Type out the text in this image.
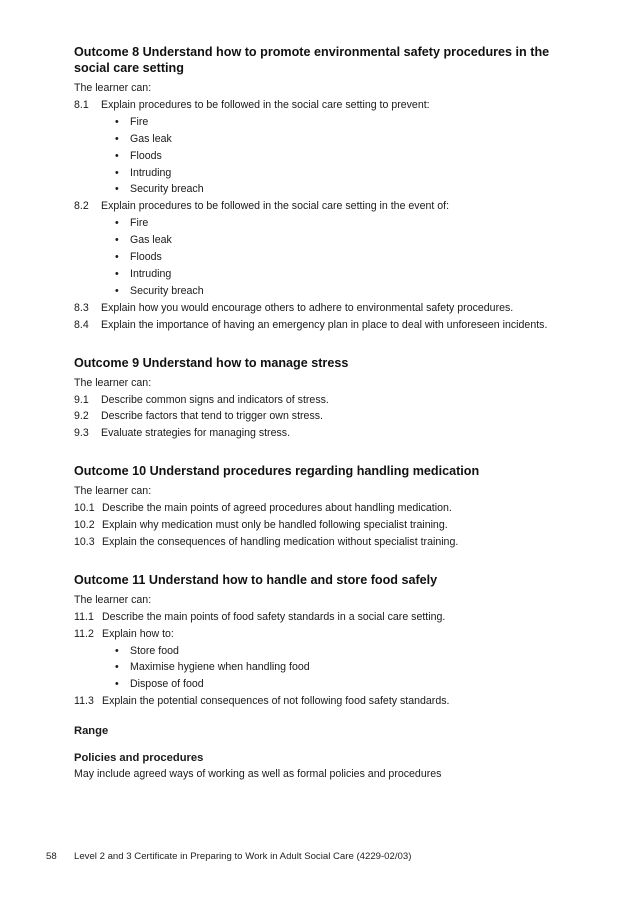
Outcome 8 Understand how to promote environmental safety procedures in the
social care setting
The learner can:
8.1 Explain procedures to be followed in the social care setting to prevent:
• Fire
• Gas leak
• Floods
• Intruding
• Security breach
8.2 Explain procedures to be followed in the social care setting in the event of:
• Fire
• Gas leak
• Floods
• Intruding
• Security breach
8.3 Explain how you would encourage others to adhere to environmental safety procedures.
8.4 Explain the importance of having an emergency plan in place to deal with unforeseen incidents.
Outcome 9 Understand how to manage stress
The learner can:
9.1 Describe common signs and indicators of stress.
9.2 Describe factors that tend to trigger own stress.
9.3 Evaluate strategies for managing stress.
Outcome 10 Understand procedures regarding handling medication
The learner can:
10.1 Describe the main points of agreed procedures about handling medication.
10.2 Explain why medication must only be handled following specialist training.
10.3 Explain the consequences of handling medication without specialist training.
Outcome 11 Understand how to handle and store food safely
The learner can:
11.1 Describe the main points of food safety standards in a social care setting.
11.2 Explain how to:
• Store food
• Maximise hygiene when handling food
• Dispose of food
11.3 Explain the potential consequences of not following food safety standards.
Range
Policies and procedures
May include agreed ways of working as well as formal policies and procedures
58 Level 2 and 3 Certificate in Preparing to Work in Adult Social Care (4229-02/03)
